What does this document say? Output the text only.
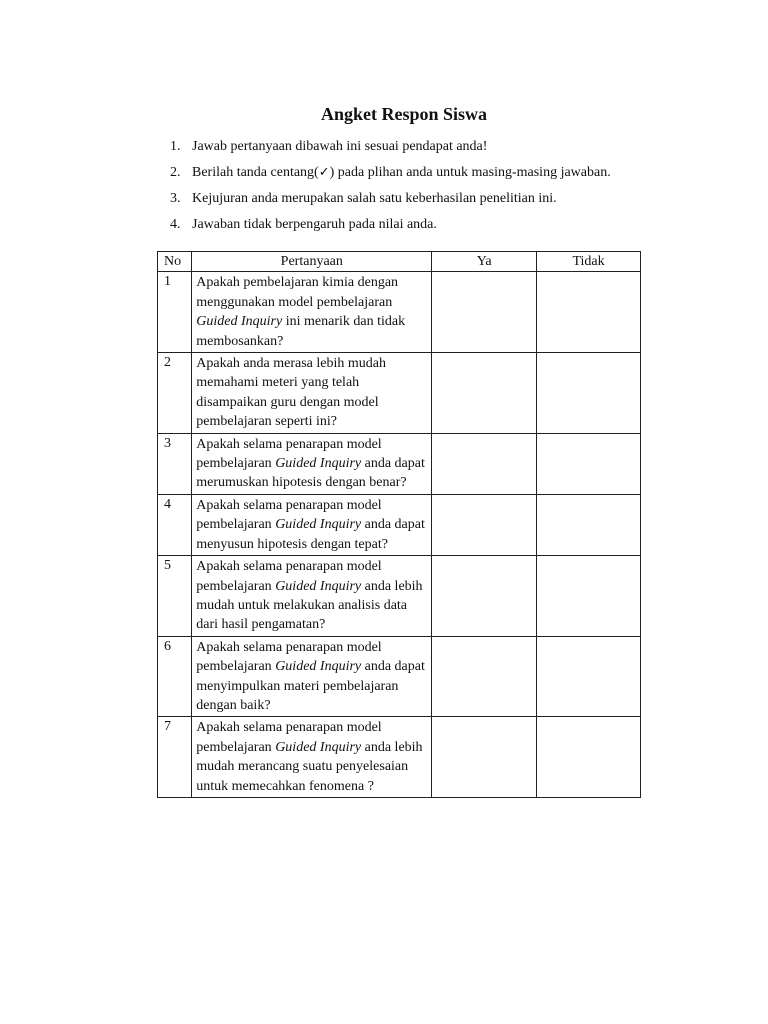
Angket Respon Siswa
1. Jawab pertanyaan dibawah ini sesuai pendapat anda!
2. Berilah tanda centang(✓) pada plihan anda untuk masing-masing jawaban.
3. Kejujuran anda merupakan salah satu keberhasilan penelitian ini.
4. Jawaban tidak berpengaruh pada nilai anda.
No	Pertanyaan	Ya	Tidak
1	Apakah pembelajaran kimia dengan menggunakan model pembelajaran
Guided Inquiry ini menarik dan tidak membosankan?		
2	Apakah anda merasa lebih mudah memahami meteri yang telah disampaikan guru dengan model pembelajaran seperti ini?		
3	Apakah selama penarapan model pembelajaran Guided Inquiry anda dapat merumuskan hipotesis dengan benar?		
4	Apakah selama penarapan model pembelajaran Guided Inquiry anda dapat menyusun hipotesis dengan tepat?		
5	Apakah selama penarapan model pembelajaran Guided Inquiry anda lebih mudah untuk melakukan analisis data dari hasil pengamatan?		
6	Apakah selama penarapan model pembelajaran Guided Inquiry anda dapat menyimpulkan materi pembelajaran dengan baik?		
7	Apakah selama penarapan model pembelajaran Guided Inquiry anda lebih mudah merancang suatu penyelesaian untuk memecahkan fenomena ?		
